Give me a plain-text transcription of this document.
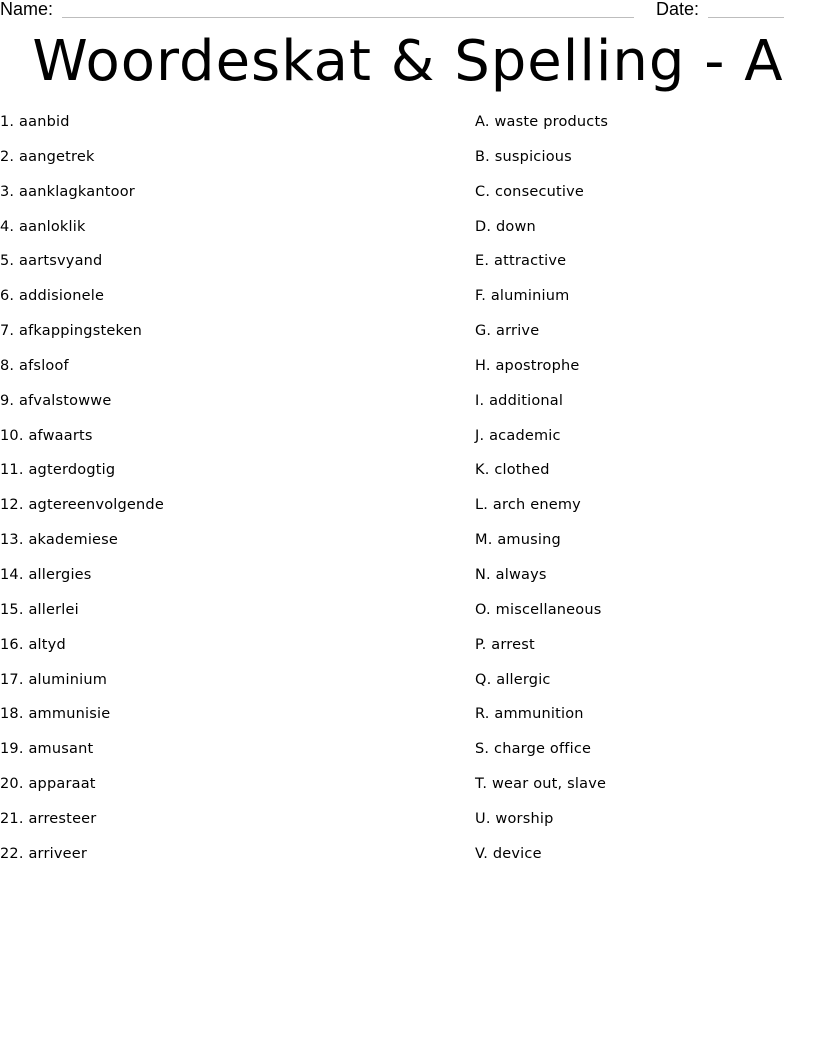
Name:	Date:
Woordeskat & Spelling - A
1. aanbid
2. aangetrek
3. aanklagkantoor
4. aanloklik
5. aartsvyand
6. addisionele
7. afkappingsteken
8. afsloof
9. afvalstowwe
10. afwaarts
11. agterdogtig
12. agtereenvolgende
13. akademiese
14. allergies
15. allerlei
16. altyd
17. aluminium
18. ammunisie
19. amusant
20. apparaat
21. arresteer
22. arriveer
A. waste products
B. suspicious
C. consecutive
D. down
E. attractive
F. aluminium
G. arrive
H. apostrophe
I. additional
J. academic
K. clothed
L. arch enemy
M. amusing
N. always
O. miscellaneous
P. arrest
Q. allergic
R. ammunition
S. charge office
T. wear out, slave
U. worship
V. device
